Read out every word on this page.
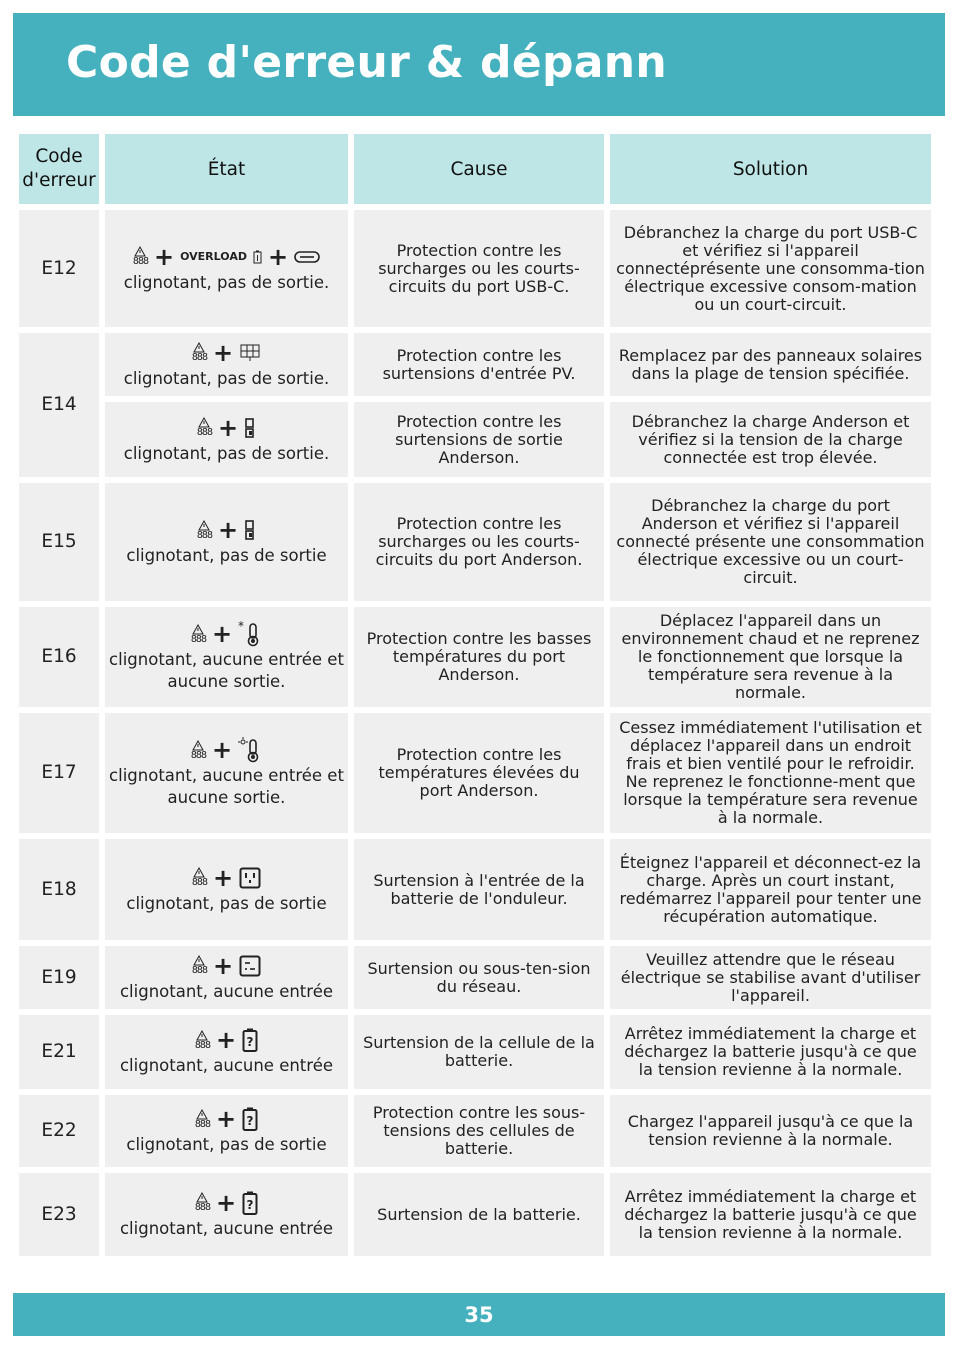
Code d'erreur & dépann
Code d'erreur	État	Cause	Solution
E12	888 + OVERLOAD +
clignotant, pas de sortie.	Protection contre les surcharges ou les courts-circuits du port USB-C.	Débranchez la charge du port USB-C et vérifiez si l'appareil connectéprésente une consomma-tion électrique excessive consom-mation ou un court-circuit.
E14	888 +
clignotant, pas de sortie.	Protection contre les surtensions d'entrée PV.	Remplacez par des panneaux solaires dans la plage de tension spécifiée.

	888 +
clignotant, pas de sortie.	Protection contre les surtensions de sortie Anderson.	Débranchez la charge Anderson et vérifiez si la tension de la charge connectée est trop élevée.
E15	888 +
clignotant, pas de sortie	Protection contre les surcharges ou les courts-circuits du port Anderson.	Débranchez la charge du port Anderson et vérifiez si l'appareil connecté présente une consommation électrique excessive ou un court-circuit.
E16	888 + *
clignotant, aucune entrée et aucune sortie.	Protection contre les basses températures du port Anderson.	Déplacez l'appareil dans un environnement chaud et ne reprenez le fonctionnement que lorsque la température sera revenue à la normale.
E17	888 +
clignotant, aucune entrée et aucune sortie.	Protection contre les températures élevées du port Anderson.	Cessez immédiatement l'utilisation et déplacez l'appareil dans un endroit frais et bien ventilé pour le refroidir. Ne reprenez le fonctionne-ment que lorsque la température sera revenue à la normale.
E18	888 +
clignotant, pas de sortie	Surtension à l'entrée de la batterie de l'onduleur.	Éteignez l'appareil et déconnect-ez la charge. Après un court instant, redémarrez l'appareil pour tenter une récupération automatique.
E19	888 +
clignotant, aucune entrée	Surtension ou sous-ten-sion du réseau.	Veuillez attendre que le réseau électrique se stabilise avant d'utiliser l'appareil.
E21	888 + ?
clignotant, aucune entrée	Surtension de la cellule de la batterie.	Arrêtez immédiatement la charge et déchargez la batterie jusqu'à ce que la tension revienne à la normale.
E22	888 + ?
clignotant, pas de sortie	Protection contre les sous-tensions des cellules de batterie.	Chargez l'appareil jusqu'à ce que la tension revienne à la normale.
E23	888 + ?
clignotant, aucune entrée	Surtension de la batterie.	Arrêtez immédiatement la charge et déchargez la batterie jusqu'à ce que la tension revienne à la normale.
35
